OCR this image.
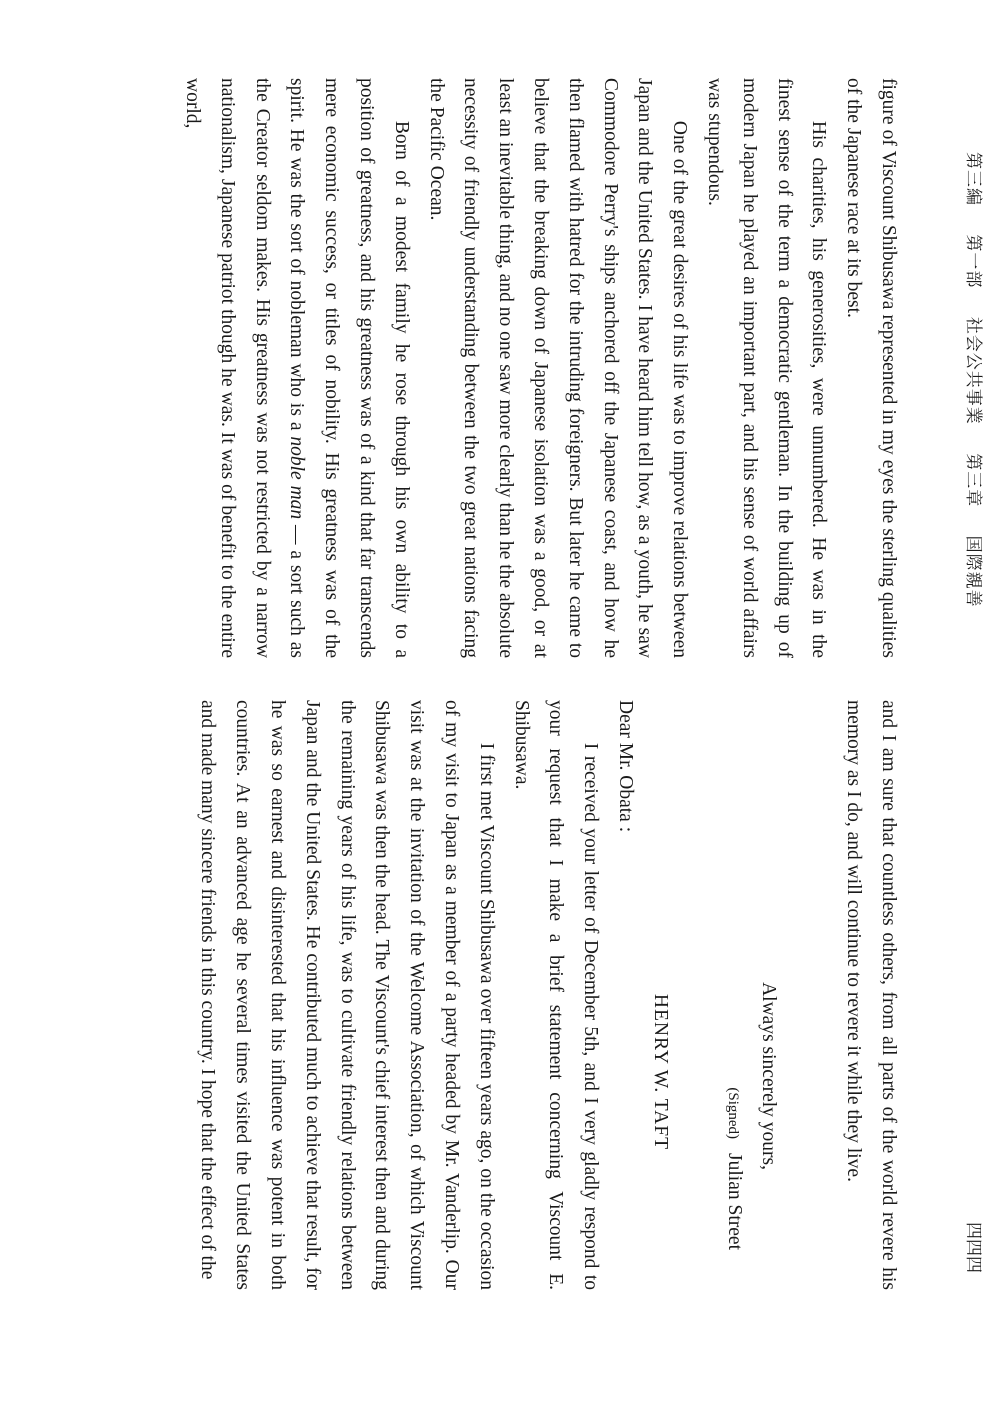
第三編 第一部 社会公共事業 第三章 国際親善
四四四

figure of Viscount Shibusawa represented in my eyes the sterling qualities of the Japanese race at its best.

His charities, his generosities, were unnumbered. He was in the finest sense of the term a democratic gentleman. In the building up of modern Japan he played an important part, and his sense of world affairs was stupendous.

One of the great desires of his life was to improve relations between Japan and the United States. I have heard him tell how, as a youth, he saw Commodore Perry's ships anchored off the Japanese coast, and how he then flamed with hatred for the intruding foreigners. But later he came to believe that the breaking down of Japanese isolation was a good, or at least an inevitable thing, and no one saw more clearly than he the absolute necessity of friendly understanding between the two great nations facing the Pacific Ocean.

Born of a modest family he rose through his own ability to a position of greatness, and his greatness was of a kind that far transcends mere economic success, or titles of nobility. His greatness was of the spirit. He was the sort of nobleman who is a noble man — a sort such as the Creator seldom makes. His greatness was not restricted by a narrow nationalism, Japanese patriot though he was. It was of benefit to the entire world,

and I am sure that countless others, from all parts of the world revere his memory as I do, and will continue to revere it while they live.

Always sincerely yours,

(Signed)Julian Street

HENRY W. TAFT

Dear Mr. Obata :

I received your letter of December 5th, and I very gladly respond to your request that I make a brief statement concerning Viscount E. Shibusawa.

I first met Viscount Shibusawa over fifteen years ago, on the occasion of my visit to Japan as a member of a party headed by Mr. Vanderlip. Our visit was at the invitation of the Welcome Association, of which Viscount Shibusawa was then the head. The Viscount's chief interest then and during the remaining years of his life, was to cultivate friendly relations between Japan and the United States. He contributed much to achieve that result, for he was so earnest and disinterested that his influence was potent in both countries. At an advanced age he several times visited the United States and made many sincere friends in this country. I hope that the effect of the
